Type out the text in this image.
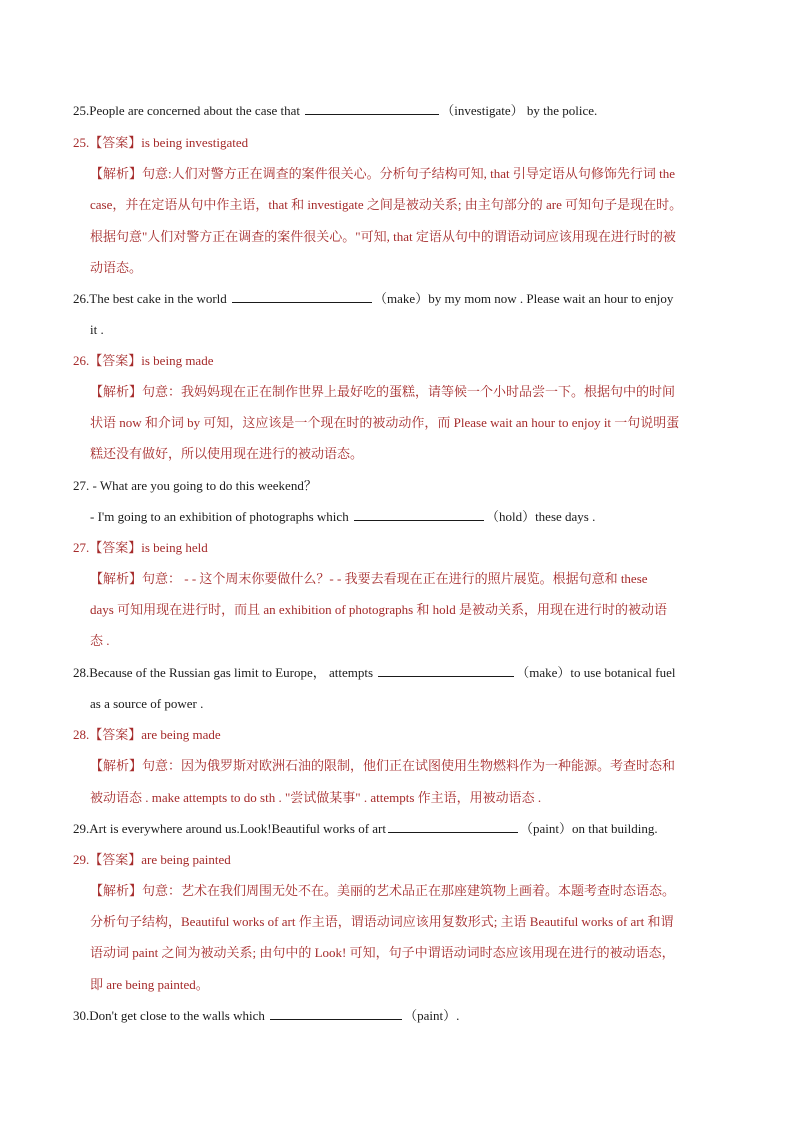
25.People are concerned about the case that	（investigate） by the police.
25.【答案】is being investigated
【解析】句意:人们对警方正在调查的案件很关心。分析句子结构可知, that 引导定语从句修饰先行词 the
case，并在定语从句中作主语，that 和 investigate 之间是被动关系; 由主句部分的 are 可知句子是现在时。
根据句意"人们对警方正在调查的案件很关心。"可知, that 定语从句中的谓语动词应该用现在进行时的被
动语态。
26.The best cake in the world	（make）by my mom now . Please wait an hour to enjoy
it .
26.【答案】is being made
【解析】句意：我妈妈现在正在制作世界上最好吃的蛋糕，请等候一个小时品尝一下。根据句中的时间
状语 now 和介词 by 可知，这应该是一个现在时的被动动作，而 Please wait an hour to enjoy it 一句说明蛋
糕还没有做好，所以使用现在进行的被动语态。
27. - What are you going to do this weekend？
- I'm going to an exhibition of photographs which	（hold）these days .
27.【答案】is being held
【解析】句意： - - 这个周末你要做什么？- - 我要去看现在正在进行的照片展览。根据句意和 these
days 可知用现在进行时，而且 an exhibition of photographs 和 hold 是被动关系，用现在进行时的被动语
态 .
28.Because of the Russian gas limit to Europe， attempts	（make）to use botanical fuel
as a source of power .
28.【答案】are being made
【解析】句意：因为俄罗斯对欧洲石油的限制，他们正在试图使用生物燃料作为一种能源。考查时态和
被动语态 . make attempts to do sth . "尝试做某事" . attempts 作主语，用被动语态 .
29.Art is everywhere around us.Look!Beautiful works of art	（paint）on that building.
29.【答案】are being painted
【解析】句意：艺术在我们周围无处不在。美丽的艺术品正在那座建筑物上画着。本题考查时态语态。
分析句子结构，Beautiful works of art 作主语，谓语动词应该用复数形式; 主语 Beautiful works of art 和谓
语动词 paint 之间为被动关系; 由句中的 Look! 可知，句子中谓语动词时态应该用现在进行的被动语态，
即 are being painted。
30.Don't get close to the walls which	（paint）.
